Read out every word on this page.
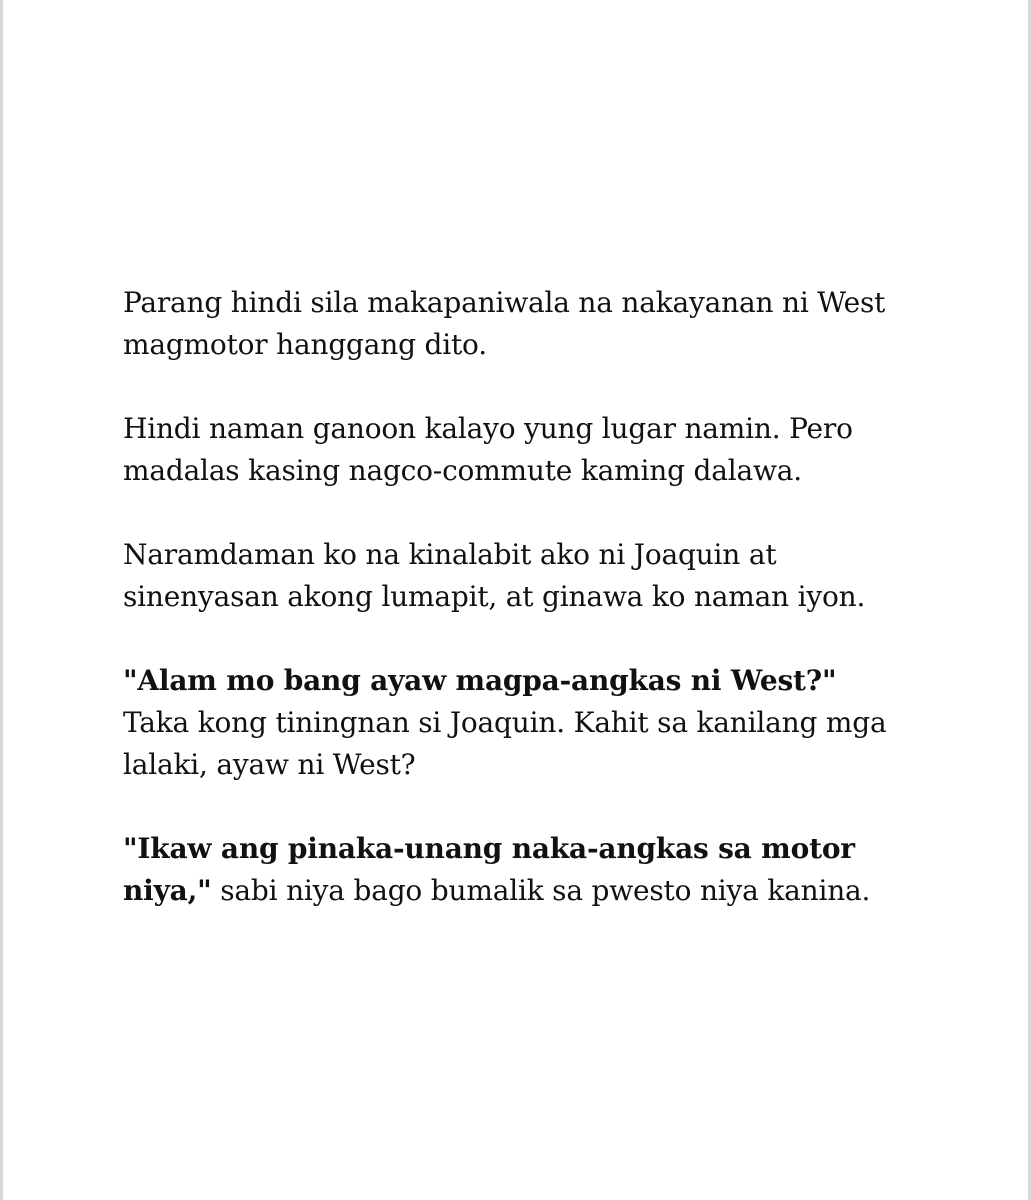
Parang hindi sila makapaniwala na nakayanan ni West magmotor hanggang dito.

Hindi naman ganoon kalayo yung lugar namin. Pero madalas kasing nagco-commute kaming dalawa.

Naramdaman ko na kinalabit ako ni Joaquin at sinenyasan akong lumapit, at ginawa ko naman iyon.

"Alam mo bang ayaw magpa-angkas ni West?"
Taka kong tiningnan si Joaquin. Kahit sa kanilang mga lalaki, ayaw ni West?

"Ikaw ang pinaka-unang naka-angkas sa motor niya," sabi niya bago bumalik sa pwesto niya kanina.
